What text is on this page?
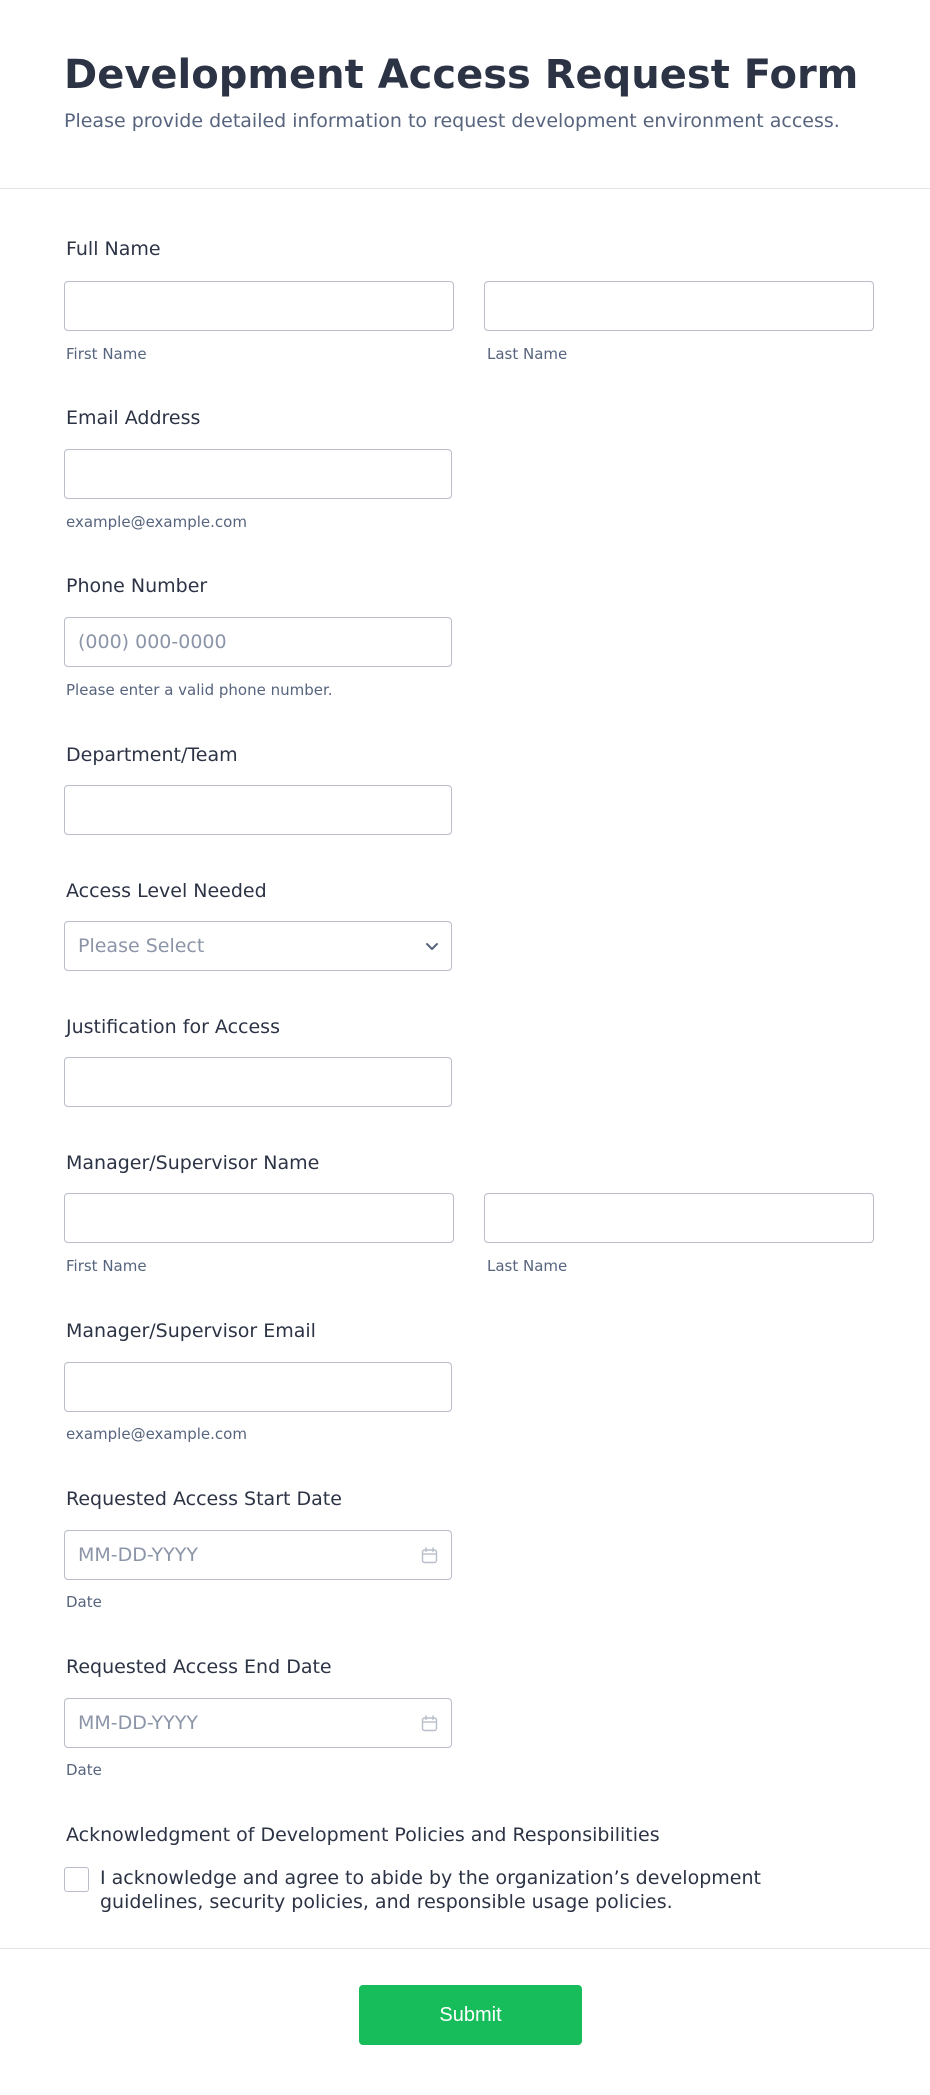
Development Access Request Form
Please provide detailed information to request development environment access.
Full Name
First Name	Last Name
Email Address
example@example.com
Phone Number
(000) 000-0000
Please enter a valid phone number.
Department/Team
Access Level Needed
Please Select
Justification for Access
Manager/Supervisor Name
First Name	Last Name
Manager/Supervisor Email
example@example.com
Requested Access Start Date
MM-DD-YYYY
Date
Requested Access End Date
MM-DD-YYYY
Date
Acknowledgment of Development Policies and Responsibilities
I acknowledge and agree to abide by the organization’s development guidelines, security policies, and responsible usage policies.
Submit
